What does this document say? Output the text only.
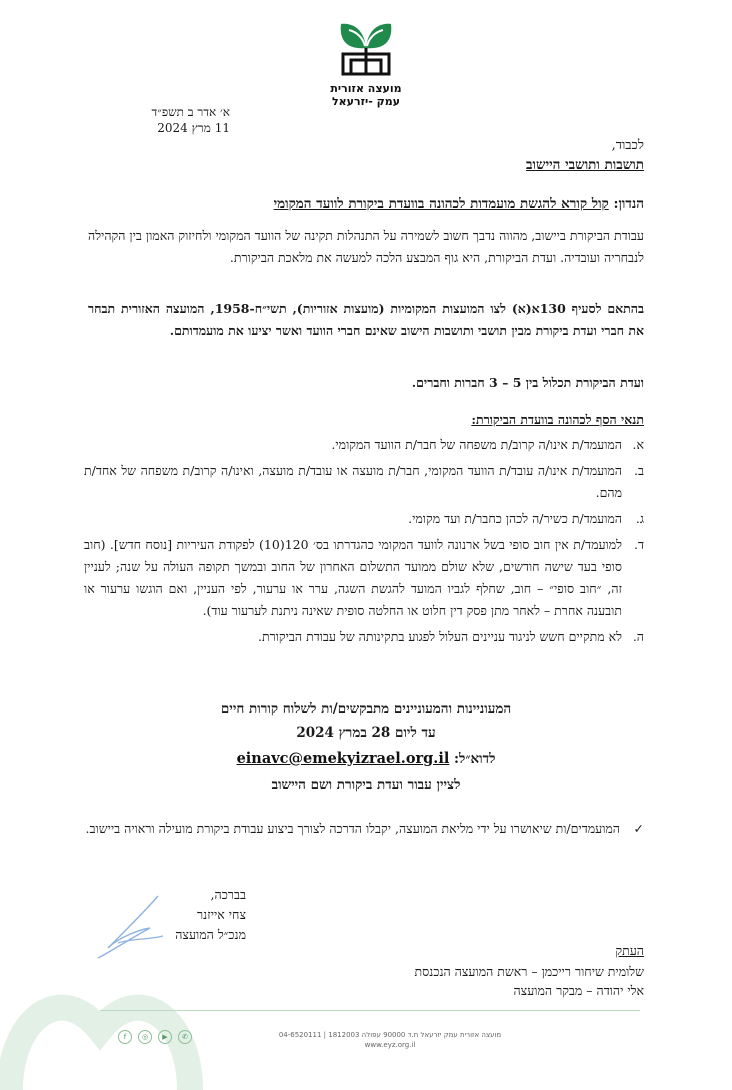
מועצה אזורית
עמק -יזרעאל
א׳ אדר ב תשפ״ד
11 מרץ 2024
לכבוד,
תושבות ותושבי היישוב
הנדון: קול קורא להגשת מועמדות לכהונה בוועדת ביקורת לוועד המקומי
עבודת הביקורת ביישוב, מהווה נדבך חשוב לשמירה על התנהלות תקינה של הוועד המקומי ולחיזוק האמון בין הקהילה לנבחריה ועובדיה. ועדת הביקורת, היא גוף המבצע הלכה למעשה את מלאכת הביקורת.
בהתאם לסעיף 130א(א) לצו המועצות המקומיות (מועצות אזוריות), תשי״ח-1958, המועצה האזורית תבחר את חברי ועדת ביקורת מבין תושבי ותושבות הישוב שאינם חברי הוועד ואשר יציעו את מועמדותם.
ועדת הביקורת תכלול בין 5 – 3 חברות וחברים.
תנאי הסף לכהונה בוועדת הביקורת:
א.
המועמד/ת אינו/ה קרוב/ת משפחה של חבר/ת הוועד המקומי.
ב.
המועמד/ת אינו/ה עובד/ת הוועד המקומי, חבר/ת מועצה או עובד/ת מועצה, ואינו/ה קרוב/ת משפחה של אחד/ת מהם.
ג.
המועמד/ת כשיר/ה לכהן כחבר/ת ועד מקומי.
ד.
למועמד/ת אין חוב סופי בשל ארנונה לוועד המקומי כהגדרתו בס׳ 120(10) לפקודת העיריות [נוסח חדש]. (חוב סופי בעד שישה חודשים, שלא שולם ממועד התשלום האחרון של החוב ובמשך תקופה העולה על שנה; לעניין זה, ״חוב סופי״ – חוב, שחלף לגביו המועד להגשת השגה, ערר או ערעור, לפי העניין, ואם הוגשו ערעור או תובענה אחרת – לאחר מתן פסק דין חלוט או החלטה סופית שאינה ניתנת לערעור עוד).
ה.
לא מתקיים חשש לניגוד עניינים העלול לפגוע בתקינותה של עבודת הביקורת.
המעוניינות והמעוניינים מתבקשים/ות לשלוח קורות חיים
עד ליום 28 במרץ 2024
לדוא״ל: einavc@emekyizrael.org.il
לציין עבור ועדת ביקורת ושם היישוב
✓
המועמדים/ות שיאושרו על ידי מליאת המועצה, יקבלו הדרכה לצורך ביצוע עבודת ביקורת מועילה וראויה ביישוב.
בברכה,
צחי אייזנר
מנכ״ל המועצה
העתק
שלומית שיחור רייכמן – ראשת המועצה הנכנסת
אלי יהודה – מבקר המועצה
f	◎	▶	✆	מועצה אזורית עמק יזרעאל ת.ד 90000 עפולה 1812003 | 04-6520111
www.eyz.org.il
